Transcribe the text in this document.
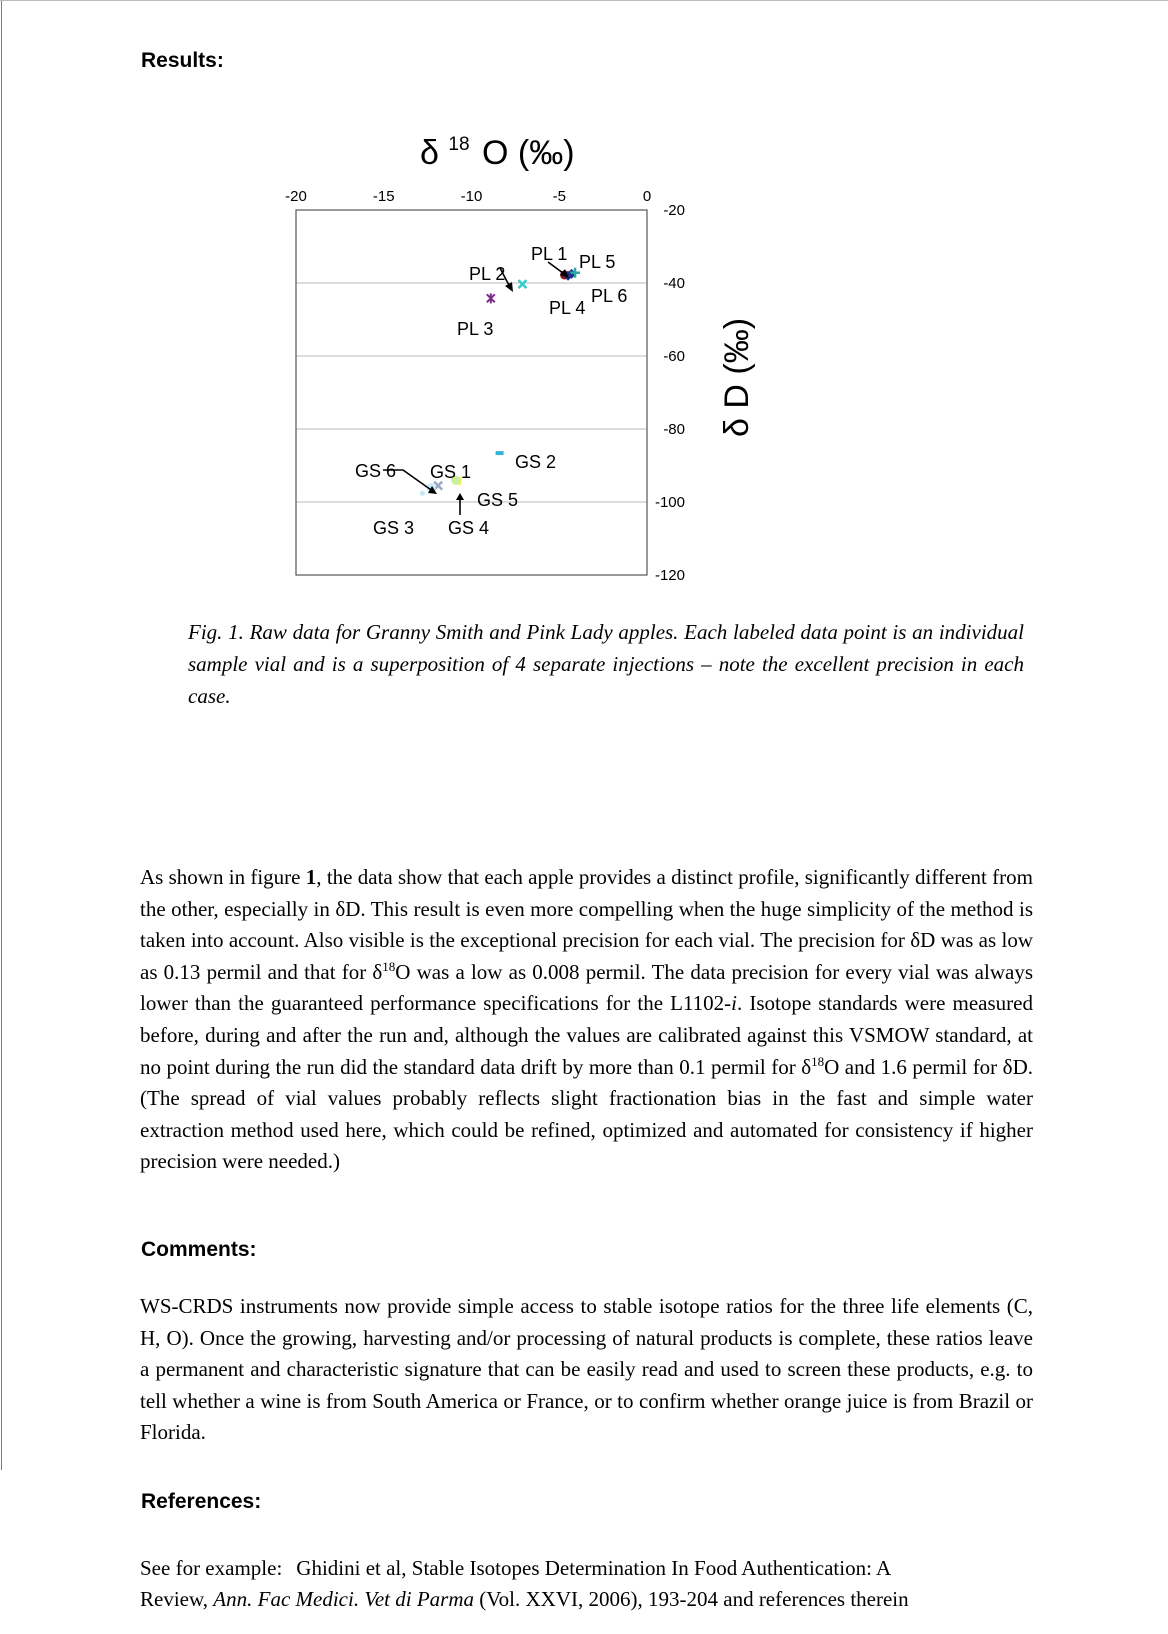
Results:
δ $^{18}$ O (‰)
-20	-15	-10	-5	0
-20
-40
-60
-80
-100
-120
PL 1 PL 5
PL 2
PL 6
PL 4
PL 3
GS 2
GS 6 GS 1
GS 5
GS 3 GS 4
δ D (‰)

Fig. 1. Raw data for Granny Smith and Pink Lady apples. Each labeled data point is an individual sample vial and is a superposition of 4 separate injections – note the excellent precision in each case.

As shown in figure 1, the data show that each apple provides a distinct profile, significantly different from the other, especially in δD. This result is even more compelling when the huge simplicity of the method is taken into account. Also visible is the exceptional precision for each vial. The precision for δD was as low as 0.13 permil and that for $\delta^{18}O$ was a low as 0.008 permil. The data precision for every vial was always lower than the guaranteed performance specifications for the L1102-i. Isotope standards were measured before, during and after the run and, although the values are calibrated against this VSMOW standard, at no point during the run did the standard data drift by more than 0.1 permil for $\delta^{18}O$ and 1.6 permil for δD. (The spread of vial values probably reflects slight fractionation bias in the fast and simple water extraction method used here, which could be refined, optimized and automated for consistency if higher precision were needed.)

Comments:

WS-CRDS instruments now provide simple access to stable isotope ratios for the three life elements (C, H, O). Once the growing, harvesting and/or processing of natural products is complete, these ratios leave a permanent and characteristic signature that can be easily read and used to screen these products, e.g. to tell whether a wine is from South America or France, or to confirm whether orange juice is from Brazil or Florida.

References:

See for example: Ghidini et al, Stable Isotopes Determination In Food Authentication: A
Review, Ann. Fac Medici. Vet di Parma (Vol. XXVI, 2006), 193-204 and references therein
